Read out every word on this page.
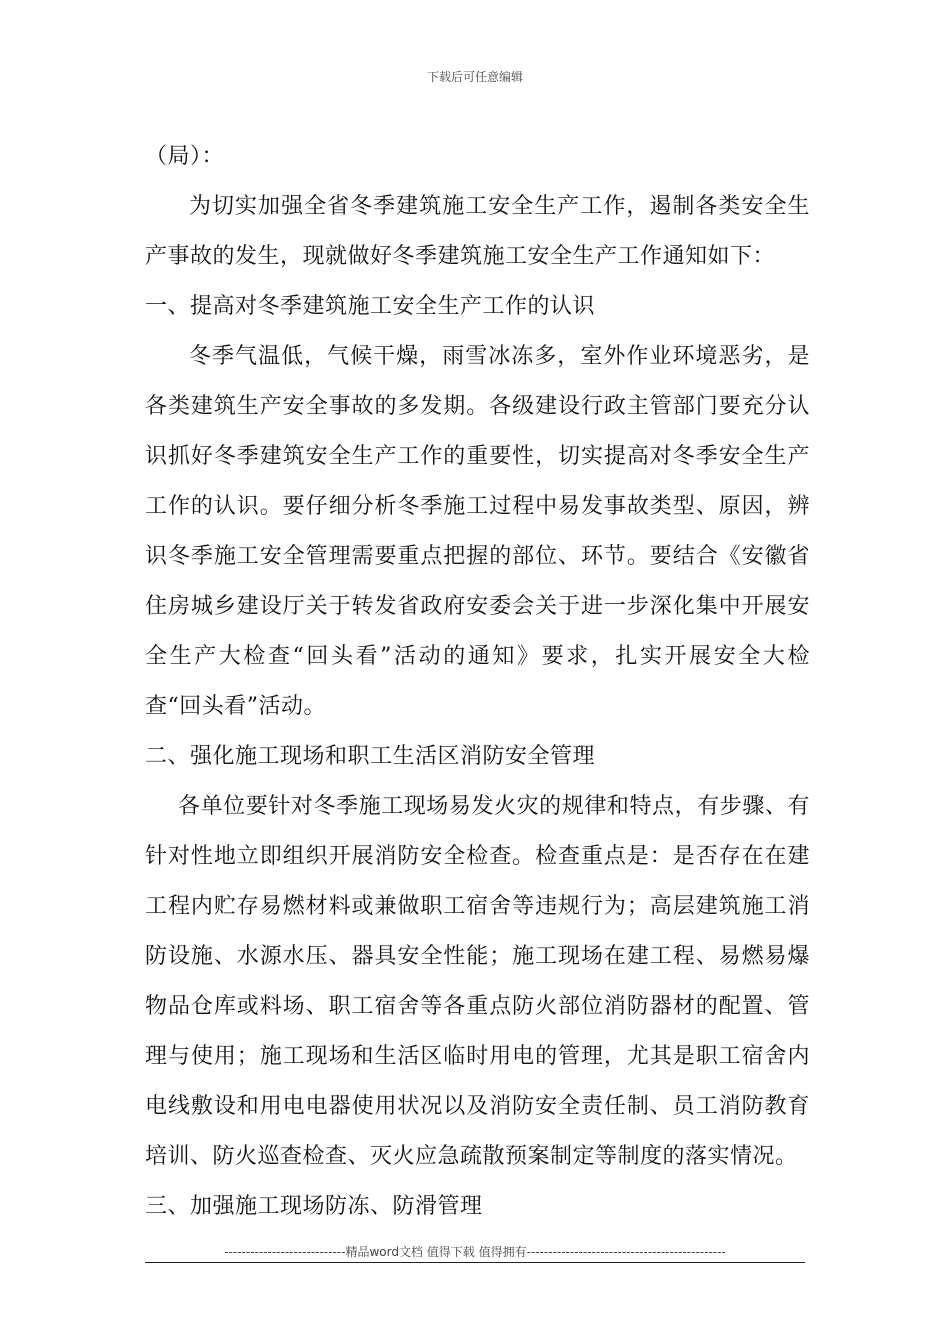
下载后可任意编辑

（局）：

为切实加强全省冬季建筑施工安全生产工作，遏制各类安全生产事故的发生，现就做好冬季建筑施工安全生产工作通知如下：

一、提高对冬季建筑施工安全生产工作的认识

冬季气温低，气候干燥，雨雪冰冻多，室外作业环境恶劣，是各类建筑生产安全事故的多发期。各级建设行政主管部门要充分认识抓好冬季建筑安全生产工作的重要性，切实提高对冬季安全生产工作的认识。要仔细分析冬季施工过程中易发事故类型、原因，辨识冬季施工安全管理需要重点把握的部位、环节。要结合《安徽省住房城乡建设厅关于转发省政府安委会关于进一步深化集中开展安全生产大检查“回头看”活动的通知》要求，扎实开展安全大检查“回头看”活动。

二、强化施工现场和职工生活区消防安全管理

各单位要针对冬季施工现场易发火灾的规律和特点，有步骤、有针对性地立即组织开展消防安全检查。检查重点是：是否存在在建工程内贮存易燃材料或兼做职工宿舍等违规行为；高层建筑施工消防设施、水源水压、器具安全性能；施工现场在建工程、易燃易爆物品仓库或料场、职工宿舍等各重点防火部位消防器材的配置、管理与使用；施工现场和生活区临时用电的管理，尤其是职工宿舍内电线敷设和用电电器使用状况以及消防安全责任制、员工消防教育培训、防火巡查检查、灭火应急疏散预案制定等制度的落实情况。

三、加强施工现场防冻、防滑管理

----------------------------精品word文档 值得下载 值得拥有----------------------------------------------
